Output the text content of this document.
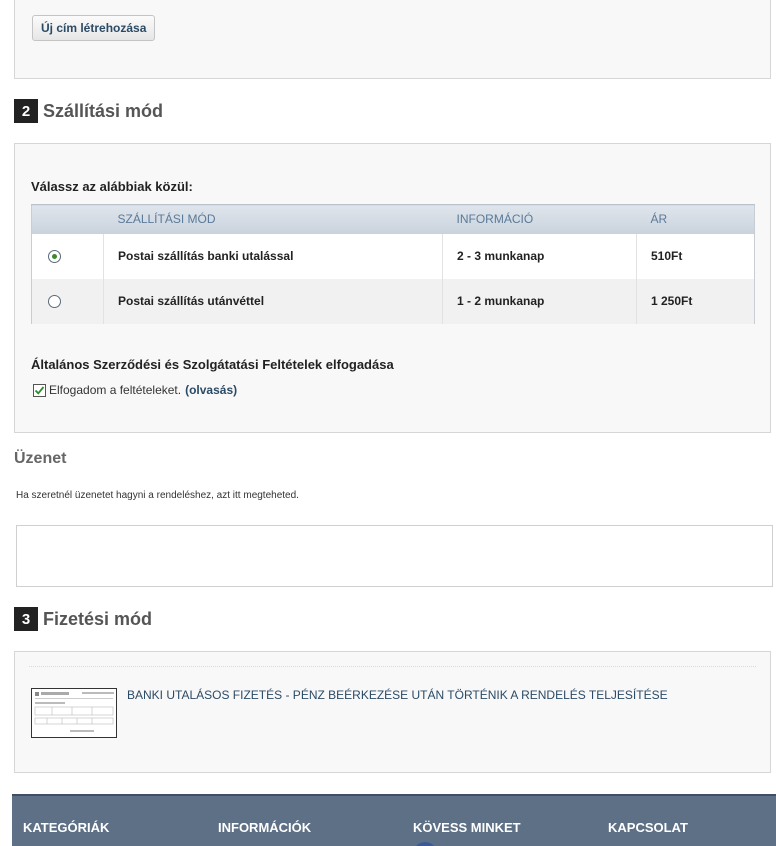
Új cím létrehozása
2 Szállítási mód
Válassz az alábbiak közül:
	SZÁLLÍTÁSI MÓD	INFORMÁCIÓ	ÁR
	Postai szállítás banki utalással	2 - 3 munkanap	510Ft
	Postai szállítás utánvéttel	1 - 2 munkanap	1 250Ft
Általános Szerződési és Szolgátatási Feltételek elfogadása
Elfogadom a feltételeket. (olvasás)
Üzenet
Ha szeretnél üzenetet hagyni a rendeléshez, azt itt megteheted.
3 Fizetési mód
BANKI UTALÁSOS FIZETÉS - PÉNZ BEÉRKEZÉSE UTÁN TÖRTÉNIK A RENDELÉS TELJESÍTÉSE
KATEGÓRIÁK	INFORMÁCIÓK	KÖVESS MINKET	KAPCSOLAT
